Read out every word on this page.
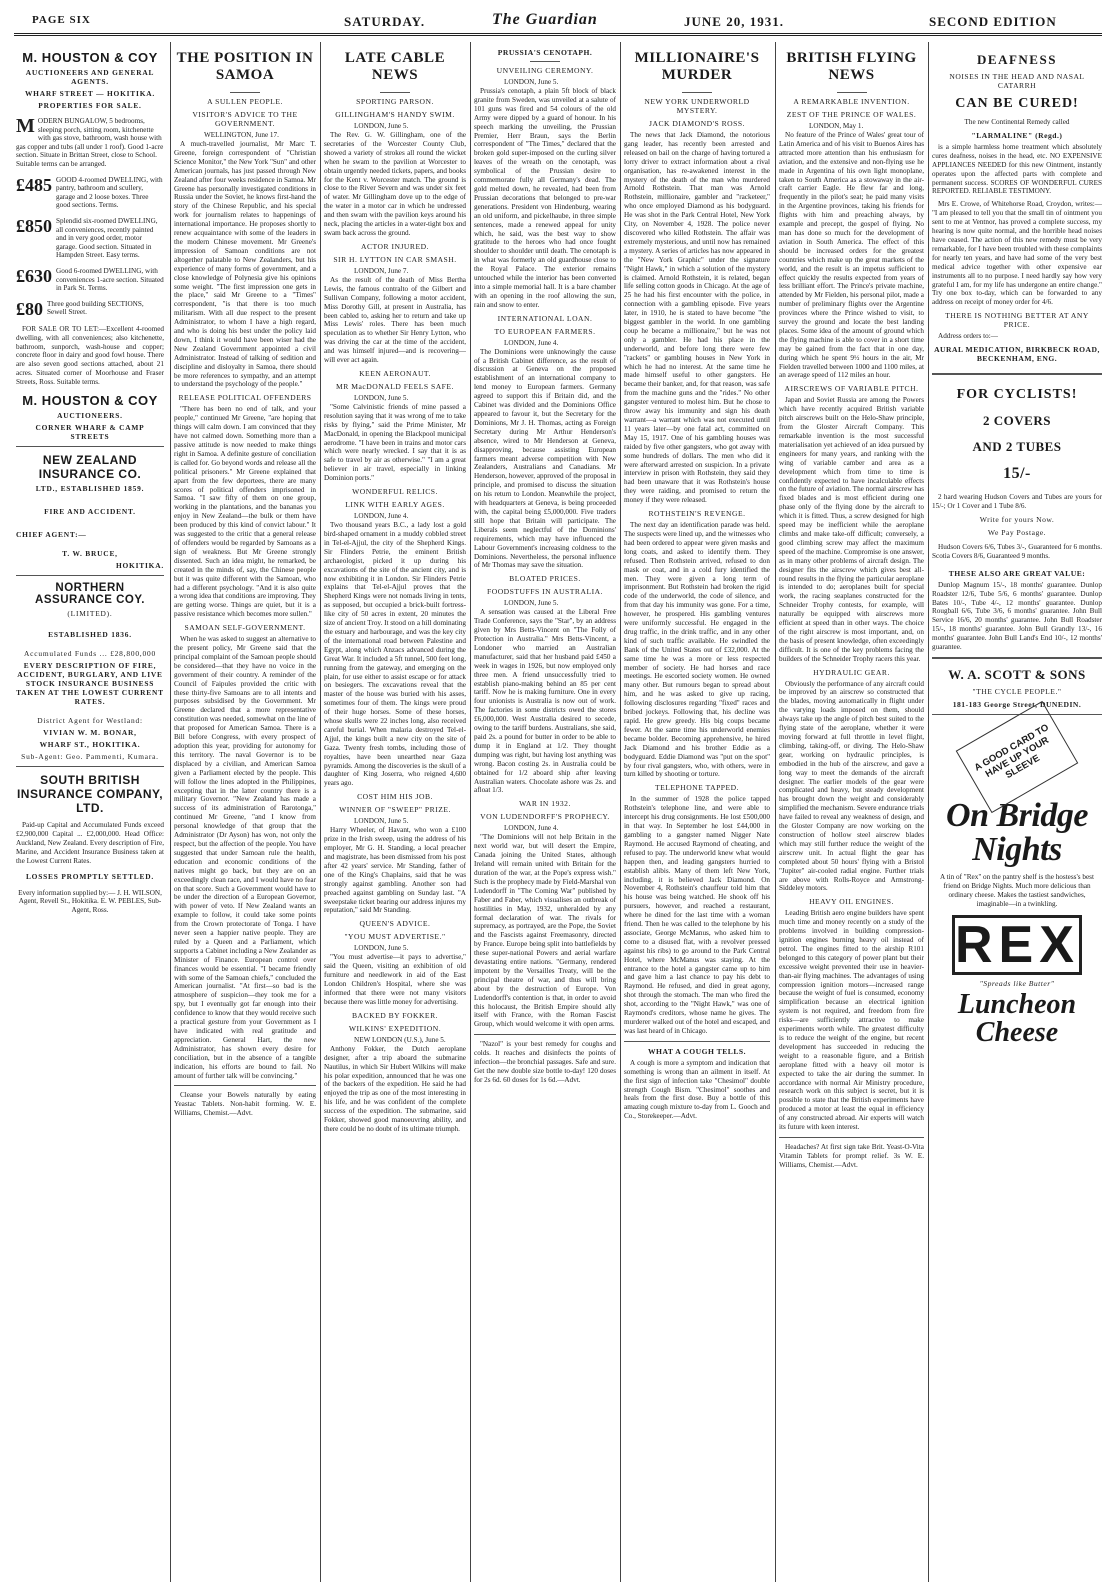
PAGE SIX	SATURDAY.	The Guardian	JUNE 20, 1931.	SECOND EDITION
M. HOUSTON & COY
AUCTIONEERS AND GENERAL AGENTS.
WHARF STREET — HOKITIKA.
PROPERTIES FOR SALE.
MODERN BUNGALOW, 5 bedrooms, sleeping porch, sitting room, kitchenette with gas stove, bathroom, wash house with gas copper and tubs (all under 1 roof). Good 1-acre section. Situate in Brittan Street, close to School. Suitable terms can be arranged.
£485 GOOD 4-roomed DWELLING, with pantry, bathroom and scullery, garage and 2 loose boxes. Three good sections. Terms.
£850 Splendid six-roomed DWELLING, all conveniences, recently painted and in very good order, motor garage. Good section. Situated in Hampden Street. Easy terms.
£630 Good 6-roomed DWELLING, with conveniences 1-acre section. Situated in Park St. Terms.
£80 Three good building SECTIONS, Sewell Street.

FOR SALE OR TO LET:—Excellent 4-roomed dwelling, with all conveniences; also kitchenette, bathroom, sunporch, wash-house and copper; concrete floor in dairy and good fowl house. There are also seven good sections attached, about 21 acres. Situated corner of Moorhouse and Fraser Streets, Ross. Suitable terms.

M. HOUSTON & COY
AUCTIONEERS.
CORNER WHARF & CAMP STREETS
NEW ZEALAND INSURANCE CO.
LTD., ESTABLISHED 1859.
FIRE AND ACCIDENT.
CHIEF AGENT:—
T. W. BRUCE,
HOKITIKA.
NORTHERN ASSURANCE COY.
(LIMITED).
ESTABLISHED 1836.
Accumulated Funds ... £28,800,000
EVERY DESCRIPTION OF FIRE, ACCIDENT, BURGLARY, AND LIVE STOCK INSURANCE BUSINESS TAKEN AT THE LOWEST CURRENT RATES.
District Agent for Westland:
VIVIAN W. M. BONAR,
WHARF ST., HOKITIKA.
Sub-Agent: Geo. Pammenti, Kumara.
SOUTH BRITISH INSURANCE COMPANY, LTD.

Paid-up Capital and Accumulated Funds exceed £2,900,000 Capital ... £2,000,000. Head Office: Auckland, New Zealand. Every description of Fire, Marine, and Accident Insurance Business taken at the Lowest Current Rates.

LOSSES PROMPTLY SETTLED.

Every information supplied by:— J. H. WILSON, Agent, Revell St., Hokitika. E. W. PEBLES, Sub-Agent, Ross.

THE POSITION IN SAMOA
A SULLEN PEOPLE.
VISITOR'S ADVICE TO THE GOVERNMENT.

WELLINGTON, June 17.

A much-travelled journalist, Mr Marc T. Greene, foreign correspondent of "Christian Science Monitor," the New York "Sun" and other American journals, has just passed through New Zealand after four weeks residence in Samoa. Mr Greene has personally investigated conditions in Russia under the Soviet, he knows first-hand the story of the Chinese Republic, and his special work for journalism relates to happenings of international importance. He proposes shortly to renew acquaintance with some of the leaders in the modern Chinese movement. Mr Greene's impression of Samoan conditions are not altogether palatable to New Zealanders, but his experience of many forms of government, and a close knowledge of Polynesia give his opinions some weight. "The first impression one gets in the place," said Mr Greene to a "Times" correspondent, "is that there is too much militarism. With all due respect to the present Administrator, to whom I have a high regard, and who is doing his best under the policy laid down, I think it would have been wiser had the New Zealand Government appointed a civil Administrator. Instead of talking of sedition and discipline and disloyalty in Samoa, there should be more references to sympathy, and an attempt to understand the psychology of the people."

RELEASE POLITICAL OFFENDERS

"There has been no end of talk, and your people," continued Mr Greene, "are hoping that things will calm down. I am convinced that they have not calmed down. Something more than a passive attitude is now needed to make things right in Samoa. A definite gesture of conciliation is called for. Go beyond words and release all the political prisoners." Mr Greene explained that apart from the few deportees, there are many scores of political offenders imprisoned in Samoa. "I saw fifty of them on one group, working in the plantations, and the bananas you enjoy in New Zealand—the bulk or them have been produced by this kind of convict labour." It was suggested to the critic that a general release of offenders would be regarded by Samoans as a sign of weakness. But Mr Greene strongly dissented. Such an idea might, he remarked, be created in the minds of, say, the Chinese people but it was quite different with the Samoan, who had a different psychology. "And it is also quite a wrong idea that conditions are improving. They are getting worse. Things are quiet, but it is a passive resistance which becomes more sullen."

SAMOAN SELF-GOVERNMENT.

When he was asked to suggest an alternative to the present policy, Mr Greene said that the principal complaint of the Samoan people should be considered—that they have no voice in the government of their country. A reminder of the Council of Faipules provided the critic with these thirty-five Samoans are to all intents and purposes subsidised by the Government. Mr Greene declared that a more representative constitution was needed, somewhat on the line of that proposed for American Samoa. There is a Bill before Congress, with every prospect of adoption this year, providing for autonomy for this territory. The naval Governor is to be displaced by a civilian, and American Samoa given a Parliament elected by the people. This will follow the lines adopted in the Philippines, excepting that in the latter country there is a military Governor. "New Zealand has made a success of its administration of Rarotonga," continued Mr Greene, "and I know from personal knowledge of that group that the Administrator (Dr Ayson) has won, not only the respect, but the affection of the people. You have suggested that under Samoan rule the health, education and economic conditions of the natives might go back, but they are on an exceedingly clean race, and I would have no fear on that score. Such a Government would have to be under the direction of a European Governor, with power of veto. If New Zealand wants an example to follow, it could take some points from the Crown protectorate of Tonga. I have never seen a happier native people. They are ruled by a Queen and a Parliament, which supports a Cabinet including a New Zealander as Minister of Finance. European control over finances would be essential. "I became friendly with some of the Samoan chiefs," concluded the American journalist. "At first—so bad is the atmosphere of suspicion—they took me for a spy, but I eventually got far enough into their confidence to know that they would receive such a practical gesture from your Government as I have indicated with real gratitude and appreciation. General Hart, the new Administrator, has shown every desire for conciliation, but in the absence of a tangible indication, his efforts are bound to fail. No amount of further talk will be convincing."

Cleanse your Bowels naturally by eating Yeastac Tablets. Non-habit forming. W. E. Williams, Chemist.—Advt.

LATE CABLE NEWS
SPORTING PARSON.
GILLINGHAM'S HANDY SWIM.

LONDON, June 5.

The Rev. G. W. Gillingham, one of the secretaries of the Worcester County Club, showed a variety of strokes all round the wicket when he swam to the pavilion at Worcester to obtain urgently needed tickets, papers, and books for the Kent v. Worcester match. The ground is close to the River Severn and was under six feet of water. Mr Gillingham dove up to the edge of the water in a motor car in which he undressed and then swam with the pavilion keys around his neck, placing the articles in a water-tight box and swam back across the ground.

ACTOR INJURED.
SIR H. LYTTON IN CAR SMASH.

LONDON, June 7.

As the result of the death of Miss Bertha Lewis, the famous contralto of the Gilbert and Sullivan Company, following a motor accident, Miss Dorothy Gill, at present in Australia, has been cabled to, asking her to return and take up Miss Lewis' roles. There has been much speculation as to whether Sir Henry Lytton, who was driving the car at the time of the accident, and was himself injured—and is recovering—will ever act again.

KEEN AERONAUT.
MR MacDONALD FEELS SAFE.

LONDON, June 5.

"Some Calvinistic friends of mine passed a resolution saying that it was wrong of me to take risks by flying," said the Prime Minister, Mr MacDonald, in opening the Blackpool municipal aerodrome. "I have been in trains and motor cars which were nearly wrecked. I say that it is as safe to travel by air as otherwise." "I am a great believer in air travel, especially in linking Dominion ports."

WONDERFUL RELICS.
LINK WITH EARLY AGES.

LONDON, June 4.

Two thousand years B.C., a lady lost a gold bird-shaped ornament in a muddy cobbled street in Tel-el-Ajjul, the city of the Shepherd Kings. Sir Flinders Petrie, the eminent British archaeologist, picked it up during his excavations of the site of the ancient city, and is now exhibiting it in London. Sir Flinders Petrie explains that Tel-el-Ajjul proves that the Shepherd Kings were not nomads living in tents, as supposed, but occupied a brick-built fortress-like city of 50 acres in extent, 20 minutes the size of ancient Troy. It stood on a hill dominating the estuary and harbourage, and was the key city of the international road between Palestine and Egypt, along which Anzacs advanced during the Great War. It included a 5ft tunnel, 500 feet long, running from the gateway, and emerging on the plain, for use either to assist escape or for attack on besiegers. The excavations reveal that the master of the house was buried with his asses, sometimes four of them. The kings were proud of their huge horses. Some of these horses, whose skulls were 22 inches long, also received careful burial. When malaria destroyed Tel-el-Ajjul, the kings built a new city on the site of Gaza. Twenty fresh tombs, including those of royalties, have been unearthed near Gaza pyramids. Among the discoveries is the skull of a daughter of King Joserra, who reigned 4,600 years ago.

COST HIM HIS JOB.
WINNER OF "SWEEP" PRIZE.

LONDON, June 5.

Harry Wheeler, of Havant, who won a £100 prize in the Irish sweep, using the address of his employer, Mr G. H. Standing, a local preacher and magistrate, has been dismissed from his post after 42 years' service. Mr Standing, father of one of the King's Chaplains, said that he was strongly against gambling. Another son had preached against gambling on Sunday last. "A sweepstake ticket bearing our address injures my reputation," said Mr Standing.

QUEEN'S ADVICE.
"YOU MUST ADVERTISE."

LONDON, June 5.

"You must advertise—it pays to advertise," said the Queen, visiting an exhibition of old furniture and needlework in aid of the East London Children's Hospital, where she was informed that there were not many visitors because there was little money for advertising.

BACKED BY FOKKER.
WILKINS' EXPEDITION.

NEW LONDON (U.S.), June 5.

Anthony Fokker, the Dutch aeroplane designer, after a trip aboard the submarine Nautilus, in which Sir Hubert Wilkins will make his polar expedition, announced that he was one of the backers of the expedition. He said he had enjoyed the trip as one of the most interesting in his life, and he was confident of the complete success of the expedition. The submarine, said Fokker, showed good manoeuvring ability, and there could be no doubt of its ultimate triumph.

PRUSSIA'S CENOTAPH.
UNVEILING CEREMONY.

LONDON, June 5.

Prussia's cenotaph, a plain 5ft block of black granite from Sweden, was unveiled at a salute of 101 guns was fired and 54 colours of the old Army were dipped by a guard of honour. In his speech marking the unveiling, the Prussian Premier, Herr Braun, says the Berlin correspondent of "The Times," declared that the broken gold super-imposed on the curling silver leaves of the wreath on the cenotaph, was symbolical of the Prussian desire to commemorate fully all Germany's dead. The gold melted down, he revealed, had been from Prussian decorations that belonged to pre-war generations. President von Hindenburg, wearing an old uniform, and pickelhaube, in three simple sentences, made a renewed appeal for unity which, he said, was the best way to show gratitude to the heroes who had once fought shoulder to shoulder until death. The cenotaph is in what was formerly an old guardhouse close to the Royal Palace. The exterior remains untouched while the interior has been converted into a simple memorial hall. It is a bare chamber with an opening in the roof allowing the sun, rain and snow to enter.

INTERNATIONAL LOAN.
TO EUROPEAN FARMERS.

LONDON, June 4.

The Dominions were unknowingly the cause of a British Cabinet difference, as the result of discussion at Geneva on the proposed establishment of an international company to lend money to European farmers. Germany agreed to support this if Britain did, and the Cabinet was divided and the Dominions Office appeared to favour it, but the Secretary for the Dominions, Mr J. H. Thomas, acting as Foreign Secretary during Mr Arthur Henderson's absence, wired to Mr Henderson at Geneva, disapproving, because assisting European farmers meant adverse competition with New Zealanders, Australians and Canadians. Mr Henderson, however, approved of the proposal in principle, and promised to discuss the situation on his return to London. Meanwhile the project, with headquarters at Geneva, is being proceeded with, the capital being £5,000,000. Five traders still hope that Britain will participate. The Liberals seem neglectful of the Dominions' requirements, which may have influenced the Labour Government's increasing coldness to the Dominions. Nevertheless, the personal influence of Mr Thomas may save the situation.

BLOATED PRICES.
FOODSTUFFS IN AUSTRALIA.

LONDON, June 5.

A sensation was caused at the Liberal Free Trade Conference, says the "Star", by an address given by Mrs Betts-Vincent on "The Folly of Protection in Australia." Mrs Betts-Vincent, a Londoner who married an Australian manufacturer, said that her husband paid £450 a week in wages in 1926, but now employed only three men. A friend unsuccessfully tried to establish piano-making behind an 85 per cent tariff. Now he is making furniture. One in every four unionists is Australia is now out of work. The factories in some districts owed the stores £6,000,000. West Australia desired to secede, owing to the tariff burdens. Australians, she said, paid 2s. a pound for butter in order to be able to dump it in England at 1/2. They thought dumping was right, but having lost anything was wrong. Bacon costing 2s. in Australia could be obtained for 1/2 aboard ship after leaving Australian waters. Chocolate ashore was 2s. and afloat 1/3.

WAR IN 1932.
VON LUDENDORFF'S PROPHECY.

LONDON, June 4.

"The Dominions will not help Britain in the next world war, but will desert the Empire, Canada joining the United States, although Ireland will remain united with Britain for the duration of the war, at the Pope's express wish." Such is the prophecy made by Field-Marshal von Ludendorff in "The Coming War" published by Faber and Faber, which visualises an outbreak of hostilities in May, 1932, unheralded by any formal declaration of war. The rivals for supremacy, as portrayed, are the Pope, the Soviet and the Fascists against Freemasonry, directed by France. Europe being split into battlefields by these super-national Powers and aerial warfare devastating entire nations. "Germany, rendered impotent by the Versailles Treaty, will be the principal theatre of war, and thus will bring about by the destruction of Europe. Von Ludendorff's contention is that, in order to avoid this holocaust, the British Empire should ally itself with France, with the Roman Fascist Group, which would welcome it with open arms.

"Nazol" is your best remedy for coughs and colds. It reaches and disinfects the points of infection—the bronchial passages. Safe and sure. Get the new double size bottle to-day! 120 doses for 2s 6d. 60 doses for 1s 6d.—Advt.

MILLIONAIRE'S MURDER
NEW YORK UNDERWORLD MYSTERY.
JACK DIAMOND'S ROSS.

The news that Jack Diamond, the notorious gang leader, has recently been arrested and released on bail on the charge of having tortured a lorry driver to extract information about a rival organisation, has re-awakened interest in the mystery of the death of the man who murdered Arnold Rothstein. That man was Arnold Rothstein, millionaire, gambler and "racketeer," who once employed Diamond as his bodyguard. He was shot in the Park Central Hotel, New York City, on November 4, 1928. The police never discovered who killed Rothstein. The affair was extremely mysterious, and until now has remained a mystery. A series of articles has now appeared in the "New York Graphic" under the signature "Night Hawk," in which a solution of the mystery is claimed. Arnold Rothstein, it is related, began life selling cotton goods in Chicago. At the age of 25 he had his first encounter with the police, in connection with a gambling episode. Five years later, in 1910, he is stated to have become "the biggest gambler in the world. In one gambling coup he became a millionaire," but he was not only a gambler. He had his place in the underworld, and before long there were few "rackets" or gambling houses in New York in which he had no interest. At the same time he made himself useful to other gangsters. He became their banker, and, for that reason, was safe from the machine guns and the "rides." No other gangster ventured to molest him. But he chose to throw away his immunity and sign his death warrant—a warrant which was not executed until 11 years later—by one fatal act, committed on May 15, 1917. One of his gambling houses was raided by five other gangsters, who got away with some hundreds of dollars. The men who did it were afterward arrested on suspicion. In a private interview in prison with Rothstein, they said they had been unaware that it was Rothstein's house they were raiding, and promised to return the money if they were released.

ROTHSTEIN'S REVENGE.

The next day an identification parade was held. The suspects were lined up, and the witnesses who had been ordered to appear were given masks and long coats, and asked to identify them. They refused. Then Rothstein arrived, refused to don mask or coat, and in a cold fury identified the men. They were given a long term of imprisonment. But Rothstein had broken the rigid code of the underworld, the code of silence, and from that day his immunity was gone. For a time, however, he prospered. His gambling ventures were uniformly successful. He engaged in the drug traffic, in the drink traffic, and in any other kind of such traffic available. He swindled the Bank of the United States out of £32,000. At the same time he was a more or less respected member of society. He had horses and race meetings. He escorted society women. He owned many other. But rumours began to spread about him, and he was asked to give up racing, following disclosures regarding "fixed" races and bribed jockeys. Following that, his decline was rapid. He grew greedy. His big coups became fewer. At the same time his underworld enemies became bolder. Becoming apprehensive, he hired Jack Diamond and his brother Eddie as a bodyguard. Eddie Diamond was "put on the spot" by four rival gangsters, who, with others, were in turn killed by shooting or torture.

TELEPHONE TAPPED.

In the summer of 1928 the police tapped Rothstein's telephone line, and were able to intercept his drug consignments. He lost £500,000 in that way. In September he lost £44,000 in gambling to a gangster named Nigger Nate Raymond. He accused Raymond of cheating, and refused to pay. The underworld knew what would happen then, and leading gangsters hurried to establish alibis. Many of them left New York, including, it is believed Jack Diamond. On November 4, Rothstein's chauffeur told him that his house was being watched. He shook off his pursuers, however, and reached a restaurant, where he dined for the last time with a woman friend. Then he was called to the telephone by his associate, George McManus, who asked him to come to a disused flat, with a revolver pressed against his ribs) to go around to the Park Central Hotel, where McManus was staying. At the entrance to the hotel a gangster came up to him and gave him a last chance to pay his debt to Raymond. He refused, and died in great agony, shot through the stomach. The man who fired the shot, according to the "Night Hawk," was one of Raymond's creditors, whose name he gives. The murderer walked out of the hotel and escaped, and was last heard of in Chicago.

WHAT A COUGH TELLS.

A cough is more a symptom and indication that something is wrong than an ailment in itself. At the first sign of infection take "Chesimol" double strength Cough Bism. "Chesimol" soothes and heals from the first dose. Buy a bottle of this amazing cough mixture to-day from L. Gooch and Co., Storekeeper.—Advt.

BRITISH FLYING NEWS
A REMARKABLE INVENTION.
ZEST OF THE PRINCE OF WALES.

LONDON, May 1.

No feature of the Prince of Wales' great tour of Latin America and of his visit to Buenos Aires has attracted more attention than his enthusiasm for aviation, and the extensive and non-flying use he made in Argentina of his own light monoplane, taken to South America as a stowaway in the air-craft carrier Eagle. He flew far and long, frequently in the pilot's seat; he paid many visits in the Argentine provinces, taking his friends for flights with him and preaching always, by example and precept, the gospel of flying. No man has done so much for the development of aviation in South America. The effect of this should be increased orders for the greatest countries which make up the great markets of the world, and the result is an impetus sufficient to effect quickly the results expected from years of less brilliant effort. The Prince's private machine, attended by Mr Fielden, his personal pilot, made a number of preliminary flights over the Argentine provinces where the Prince wished to visit, to survey the ground and locate the best landing places. Some idea of the amount of ground which the flying machine is able to cover in a short time may be gained from the fact that in one day, during which he spent 9½ hours in the air, Mr Fielden travelled between 1000 and 1100 miles, at an average speed of 112 miles an hour.

AIRSCREWS OF VARIABLE PITCH.

Japan and Soviet Russia are among the Powers which have recently acquired British variable pitch airscrews built on the Helo-Shaw principle, from the Gloster Aircraft Company. This remarkable invention is the most successful materialisation yet achieved of an idea pursued by engineers for many years, and ranking with the wing of variable camber and area as a development which from time to time is confidently expected to have incalculable effects on the future of aviation. The normal airscrew has fixed blades and is most efficient during one phase only of the flying done by the aircraft to which it is fitted. Thus, a screw designed for high speed may be inefficient while the aeroplane climbs and make take-off difficult; conversely, a good climbing screw may affect the maximum speed of the machine. Compromise is one answer, as in many other problems of aircraft design. The designer fits the airscrew which gives best all-round results in the flying the particular aeroplane is intended to do; aeroplanes built for special work, the racing seaplanes constructed for the Schneider Trophy contests, for example, will naturally be equipped with airscrews more efficient at speed than in other ways. The choice of the right airscrew is most important, and, on the basis of present knowledge, often exceedingly difficult. It is one of the key problems facing the builders of the Schneider Trophy racers this year.

HYDRAULIC GEAR.

Obviously the performance of any aircraft could be improved by an airscrew so constructed that the blades, moving automatically in flight under the varying loads imposed on them, should always take up the angle of pitch best suited to the flying state of the aeroplane, whether it were moving forward at full throttle in level flight, climbing, taking-off, or diving. The Helo-Shaw gear, working on hydraulic principles, is embodied in the hub of the airscrew, and gave a long way to meet the demands of the aircraft designer. The earlier models of the gear were complicated and heavy, but steady development has brought down the weight and considerably simplified the mechanism. Severe endurance trials have failed to reveal any weakness of design, and the Gloster Company are now working on the construction of hollow steel airscrew blades which may still further reduce the weight of the airscrew unit. In actual flight the gear has completed about 50 hours' flying with a Bristol "Jupiter" air-cooled radial engine. Further trials are above with Rolls-Royce and Armstrong-Siddeley motors.

HEAVY OIL ENGINES.

Leading British aero engine builders have spent much time and money recently on a study of the problems involved in building compression-ignition engines burning heavy oil instead of petrol. The engines fitted to the airship R101 belonged to this category of power plant but their excessive weight prevented their use in heavier-than-air flying machines. The advantages of using compression ignition motors—increased range because the weight of fuel is consumed, economy simplification because an electrical ignition system is not required, and freedom from fire risks—are sufficiently attractive to make experiments worth while. The greatest difficulty is to reduce the weight of the engine, but recent development has succeeded in reducing the weight to a reasonable figure, and a British aeroplane fitted with a heavy oil motor is expected to take the air during the summer. In accordance with normal Air Ministry procedure, research work on this subject is secret, but it is possible to state that the British experiments have produced a motor at least the equal in efficiency of any constructed abroad. Air experts will watch its future with keen interest.

Headaches? At first sign take Brit. Yeast-O-Vita Vitamin Tablets for prompt relief. 3s W. E. Williams, Chemist.—Advt.

DEAFNESS
NOISES IN THE HEAD AND NASAL CATARRH
CAN BE CURED!

The new Continental Remedy called

"LARMALINE" (Regd.)

is a simple harmless home treatment which absolutely cures deafness, noises in the head, etc. NO EXPENSIVE APPLIANCES NEEDED for this new Ointment, instantly operates upon the affected parts with complete and permanent success. SCORES OF WONDERFUL CURES REPORTED. RELIABLE TESTIMONY.

Mrs E. Crowe, of Whitehorse Road, Croydon, writes:— "I am pleased to tell you that the small tin of ointment you sent to me at Ventnor, has proved a complete success, my hearing is now quite normal, and the horrible head noises have ceased. The action of this new remedy must be very remarkable, for I have been troubled with these complaints for nearly ten years, and have had some of the very best medical advice together with other expensive ear instruments all to no purpose. I need hardly say how very grateful I am, for my life has undergone an entire change." Try one box to-day, which can be forwarded to any address on receipt of money order for 4/6.

THERE IS NOTHING BETTER AT ANY PRICE.

Address orders to:—

AURAL MEDICATION, BIRKBECK ROAD, BECKENHAM, ENG.
FOR CYCLISTS!
2 COVERS
AND 2 TUBES
15/-

2 hard wearing Hudson Covers and Tubes are yours for 15/-; Or 1 Cover and 1 Tube 8/6.

Write for yours Now.
We Pay Postage.

Hudson Covers 6/6, Tubes 3/-, Guaranteed for 6 months. Scotia Covers 8/6, Guaranteed 9 months.

THESE ALSO ARE GREAT VALUE:

Dunlop Magnum 15/-, 18 months' guarantee. Dunlop Roadster 12/6, Tube 5/6, 6 months' guarantee. Dunlop Bates 10/-, Tube 4/-, 12 months' guarantee. Dunlop Rougball 6/6, Tube 3/6, 6 months' guarantee. John Bull Service 16/6, 20 months' guarantee. John Bull Roadster 15/-, 18 months' guarantee. John Bull Grandly 13/-, 16 months' guarantee. John Bull Land's End 10/-, 12 months' guarantee.

W. A. SCOTT & SONS
"THE CYCLE PEOPLE."
181-183 George Street, DUNEDIN.
A GOOD CARD TO HAVE UP YOUR SLEEVE
On Bridge Nights

A tin of "Rex" on the pantry shelf is the hostess's best friend on Bridge Nights. Much more delicious than ordinary cheese. Makes the tastiest sandwiches, imaginable—in a twinkling.

REX
"Spreads like Butter"
Luncheon Cheese
